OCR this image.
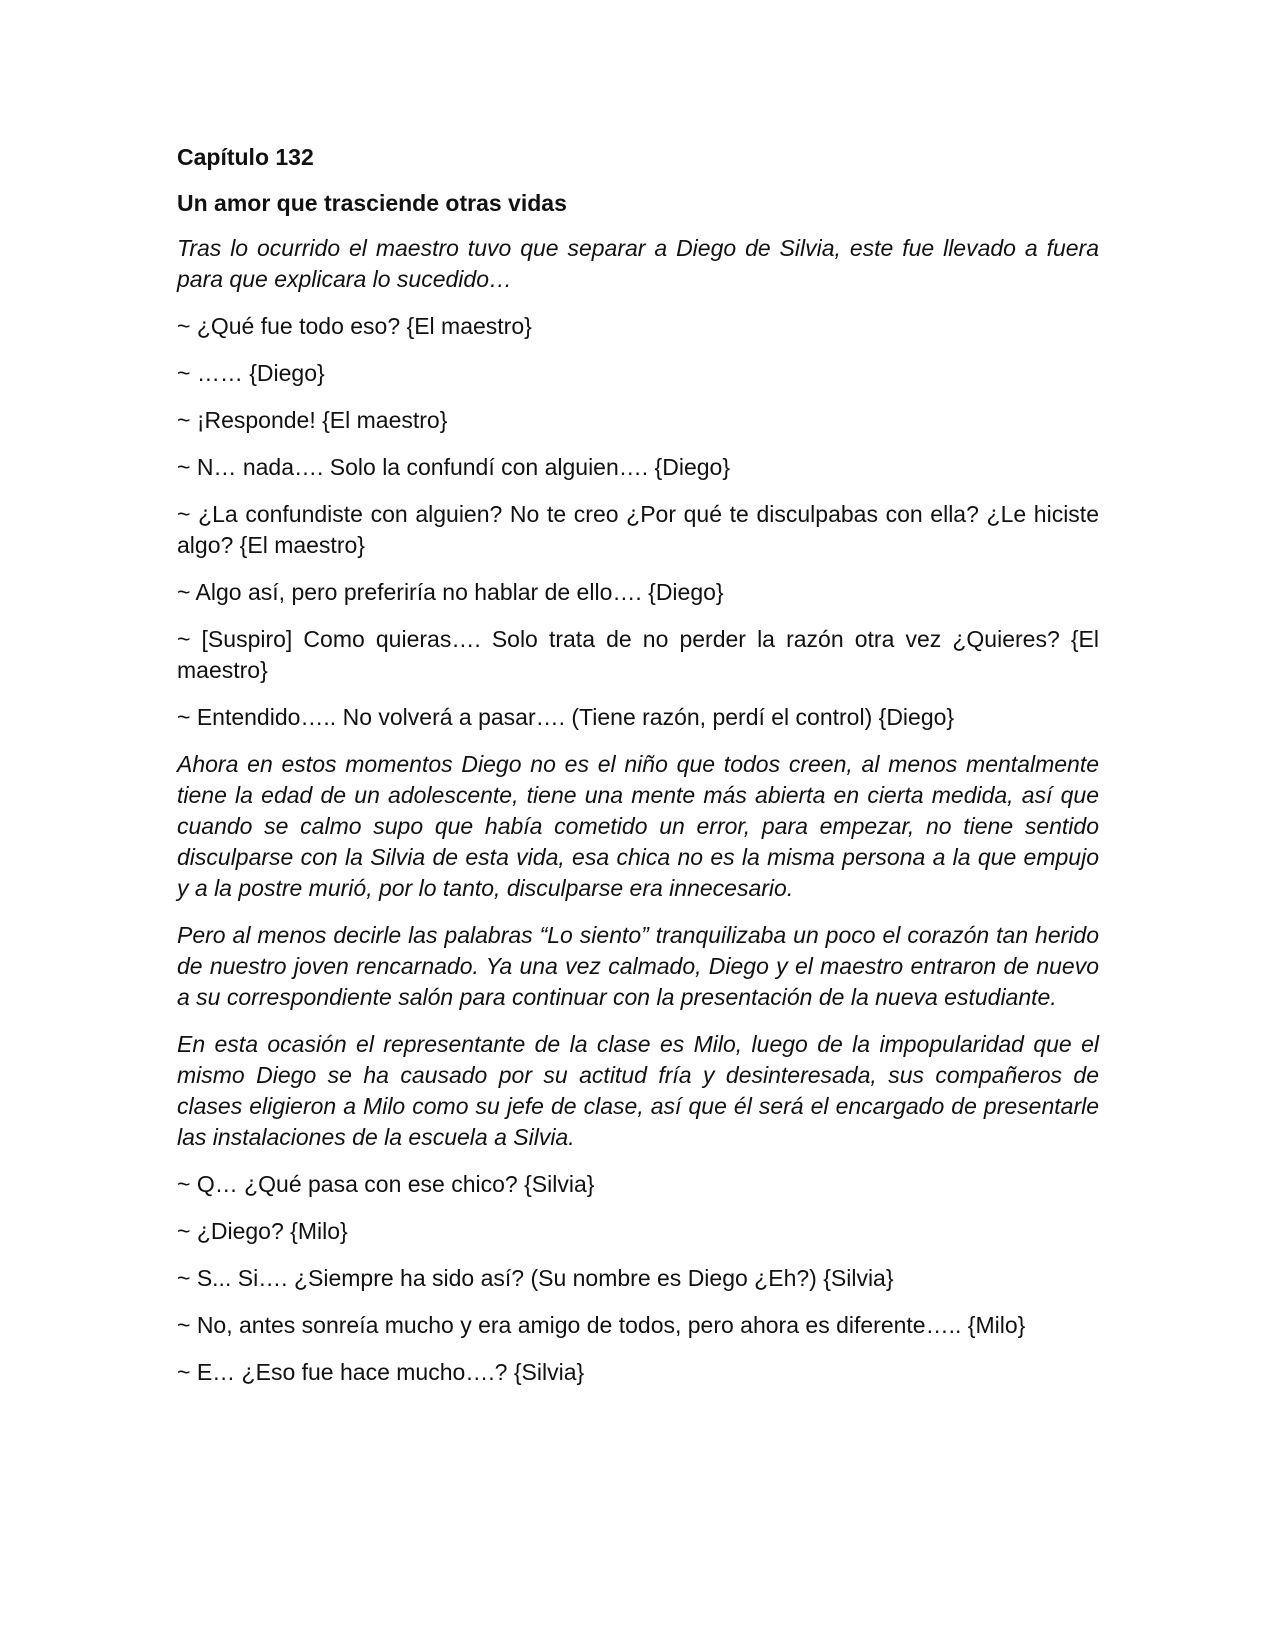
Capítulo 132
Un amor que trasciende otras vidas

Tras lo ocurrido el maestro tuvo que separar a Diego de Silvia, este fue llevado a fuera para que explicara lo sucedido…

~ ¿Qué fue todo eso? {El maestro}

~ …… {Diego}

~ ¡Responde! {El maestro}

~ N… nada…. Solo la confundí con alguien…. {Diego}

~ ¿La confundiste con alguien? No te creo ¿Por qué te disculpabas con ella? ¿Le hiciste algo? {El maestro}

~ Algo así, pero preferiría no hablar de ello…. {Diego}

~ [Suspiro] Como quieras…. Solo trata de no perder la razón otra vez ¿Quieres? {El maestro}

~ Entendido….. No volverá a pasar…. (Tiene razón, perdí el control) {Diego}

Ahora en estos momentos Diego no es el niño que todos creen, al menos mentalmente tiene la edad de un adolescente, tiene una mente más abierta en cierta medida, así que cuando se calmo supo que había cometido un error, para empezar, no tiene sentido disculparse con la Silvia de esta vida, esa chica no es la misma persona a la que empujo y a la postre murió, por lo tanto, disculparse era innecesario.

Pero al menos decirle las palabras “Lo siento” tranquilizaba un poco el corazón tan herido de nuestro joven rencarnado. Ya una vez calmado, Diego y el maestro entraron de nuevo a su correspondiente salón para continuar con la presentación de la nueva estudiante.

En esta ocasión el representante de la clase es Milo, luego de la impopularidad que el mismo Diego se ha causado por su actitud fría y desinteresada, sus compañeros de clases eligieron a Milo como su jefe de clase, así que él será el encargado de presentarle las instalaciones de la escuela a Silvia.

~ Q… ¿Qué pasa con ese chico? {Silvia}

~ ¿Diego? {Milo}

~ S... Si…. ¿Siempre ha sido así? (Su nombre es Diego ¿Eh?) {Silvia}

~ No, antes sonreía mucho y era amigo de todos, pero ahora es diferente….. {Milo}

~ E… ¿Eso fue hace mucho….? {Silvia}
